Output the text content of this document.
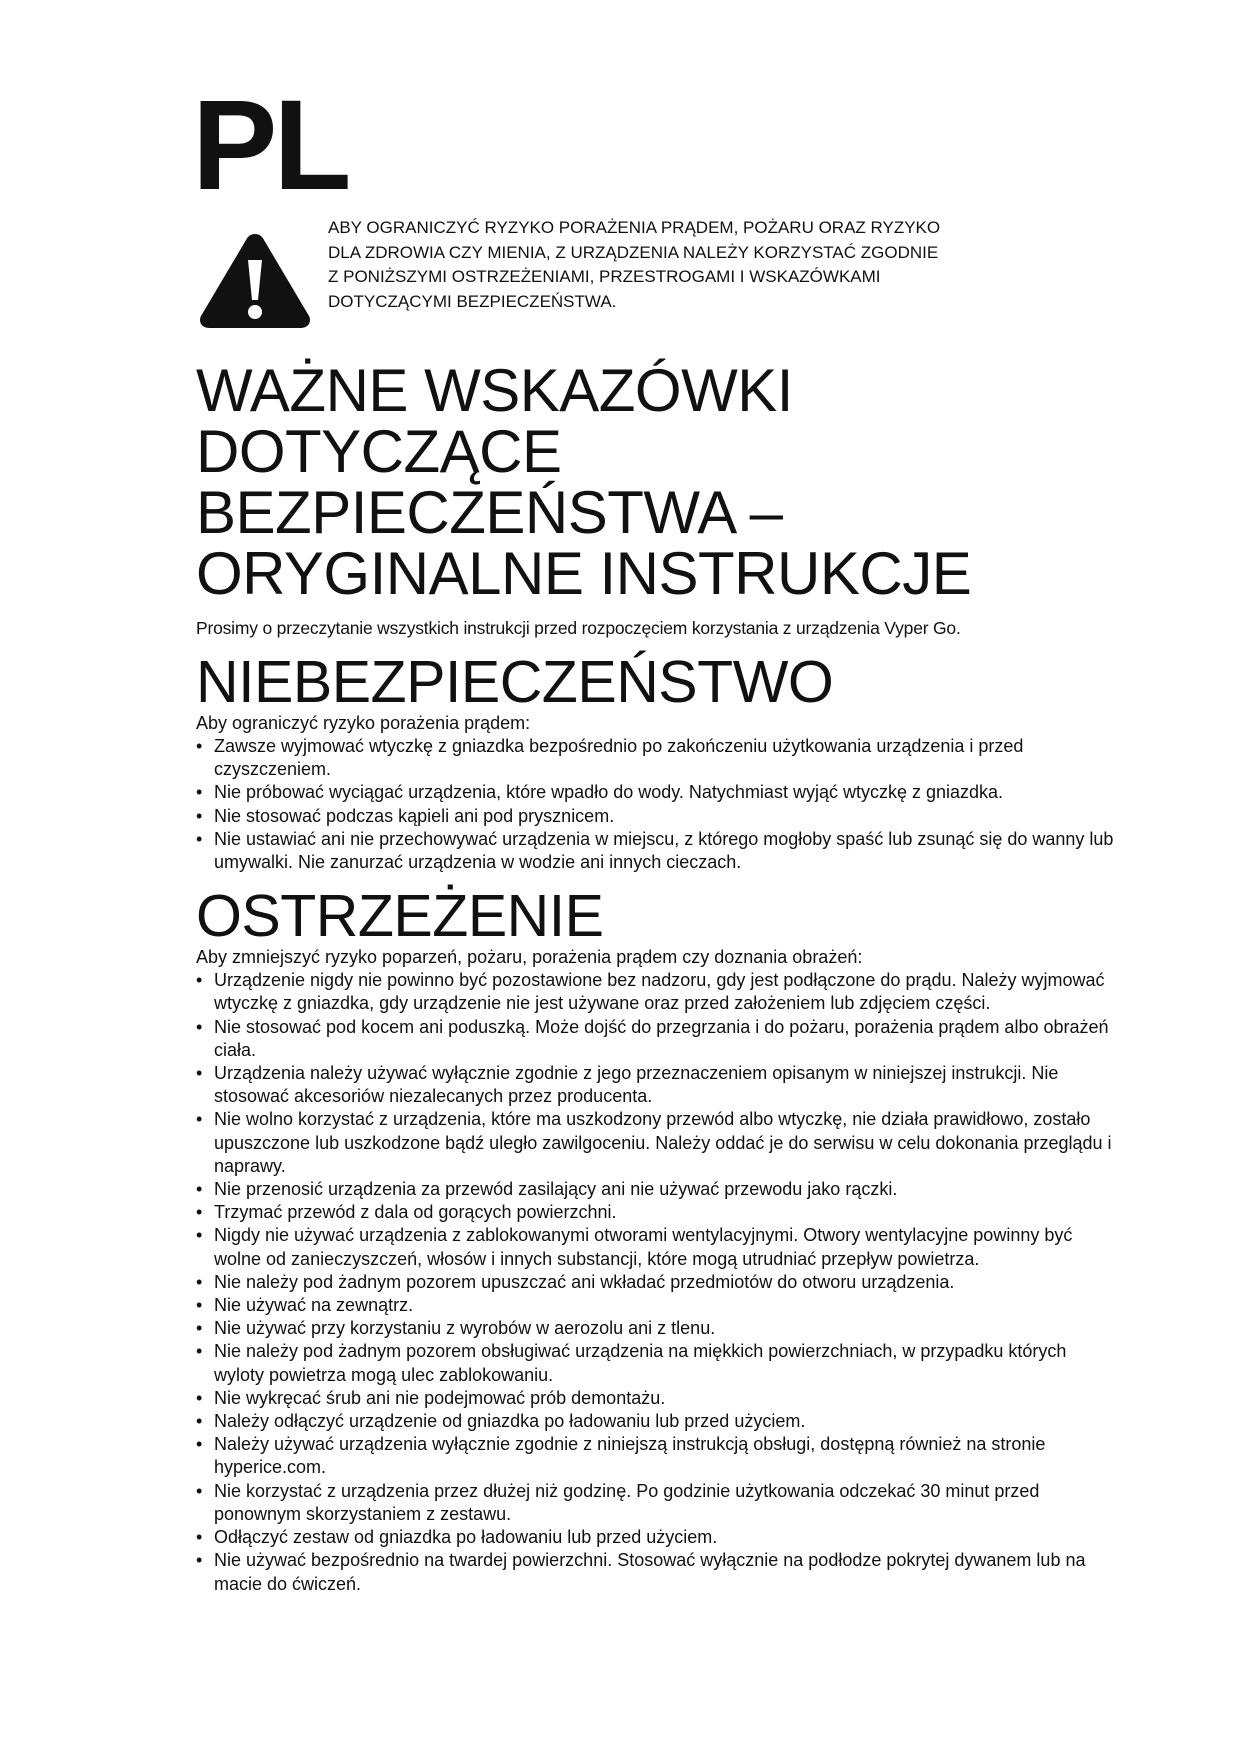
PL
ABY OGRANICZYĆ RYZYKO PORAŻENIA PRĄDEM, POŻARU ORAZ RYZYKO
DLA ZDROWIA CZY MIENIA, Z URZĄDZENIA NALEŻY KORZYSTAĆ ZGODNIE
Z PONIŻSZYMI OSTRZEŻENIAMI, PRZESTROGAMI I WSKAZÓWKAMI
DOTYCZĄCYMI BEZPIECZEŃSTWA.
WAŻNE WSKAZÓWKI
DOTYCZĄCE
BEZPIECZEŃSTWA –
ORYGINALNE INSTRUKCJE
Prosimy o przeczytanie wszystkich instrukcji przed rozpoczęciem korzystania z urządzenia Vyper Go.
NIEBEZPIECZEŃSTWO
Aby ograniczyć ryzyko porażenia prądem:
• Zawsze wyjmować wtyczkę z gniazdka bezpośrednio po zakończeniu użytkowania urządzenia i przed czyszczeniem.
• Nie próbować wyciągać urządzenia, które wpadło do wody. Natychmiast wyjąć wtyczkę z gniazdka.
• Nie stosować podczas kąpieli ani pod prysznicem.
• Nie ustawiać ani nie przechowywać urządzenia w miejscu, z którego mogłoby spaść lub zsunąć się do wanny lub umywalki. Nie zanurzać urządzenia w wodzie ani innych cieczach.
OSTRZEŻENIE
Aby zmniejszyć ryzyko poparzeń, pożaru, porażenia prądem czy doznania obrażeń:
• Urządzenie nigdy nie powinno być pozostawione bez nadzoru, gdy jest podłączone do prądu. Należy wyjmować wtyczkę z gniazdka, gdy urządzenie nie jest używane oraz przed założeniem lub zdjęciem części.
• Nie stosować pod kocem ani poduszką. Może dojść do przegrzania i do pożaru, porażenia prądem albo obrażeń ciała.
• Urządzenia należy używać wyłącznie zgodnie z jego przeznaczeniem opisanym w niniejszej instrukcji. Nie stosować akcesoriów niezalecanych przez producenta.
• Nie wolno korzystać z urządzenia, które ma uszkodzony przewód albo wtyczkę, nie działa prawidłowo, zostało upuszczone lub uszkodzone bądź uległo zawilgoceniu. Należy oddać je do serwisu w celu dokonania przeglądu i naprawy.
• Nie przenosić urządzenia za przewód zasilający ani nie używać przewodu jako rączki.
• Trzymać przewód z dala od gorących powierzchni.
• Nigdy nie używać urządzenia z zablokowanymi otworami wentylacyjnymi. Otwory wentylacyjne powinny być wolne od zanieczyszczeń, włosów i innych substancji, które mogą utrudniać przepływ powietrza.
• Nie należy pod żadnym pozorem upuszczać ani wkładać przedmiotów do otworu urządzenia.
• Nie używać na zewnątrz.
• Nie używać przy korzystaniu z wyrobów w aerozolu ani z tlenu.
• Nie należy pod żadnym pozorem obsługiwać urządzenia na miękkich powierzchniach, w przypadku których wyloty powietrza mogą ulec zablokowaniu.
• Nie wykręcać śrub ani nie podejmować prób demontażu.
• Należy odłączyć urządzenie od gniazdka po ładowaniu lub przed użyciem.
• Należy używać urządzenia wyłącznie zgodnie z niniejszą instrukcją obsługi, dostępną również na stronie hyperice.com.
• Nie korzystać z urządzenia przez dłużej niż godzinę. Po godzinie użytkowania odczekać 30 minut przed ponownym skorzystaniem z zestawu.
• Odłączyć zestaw od gniazdka po ładowaniu lub przed użyciem.
• Nie używać bezpośrednio na twardej powierzchni. Stosować wyłącznie na podłodze pokrytej dywanem lub na macie do ćwiczeń.
